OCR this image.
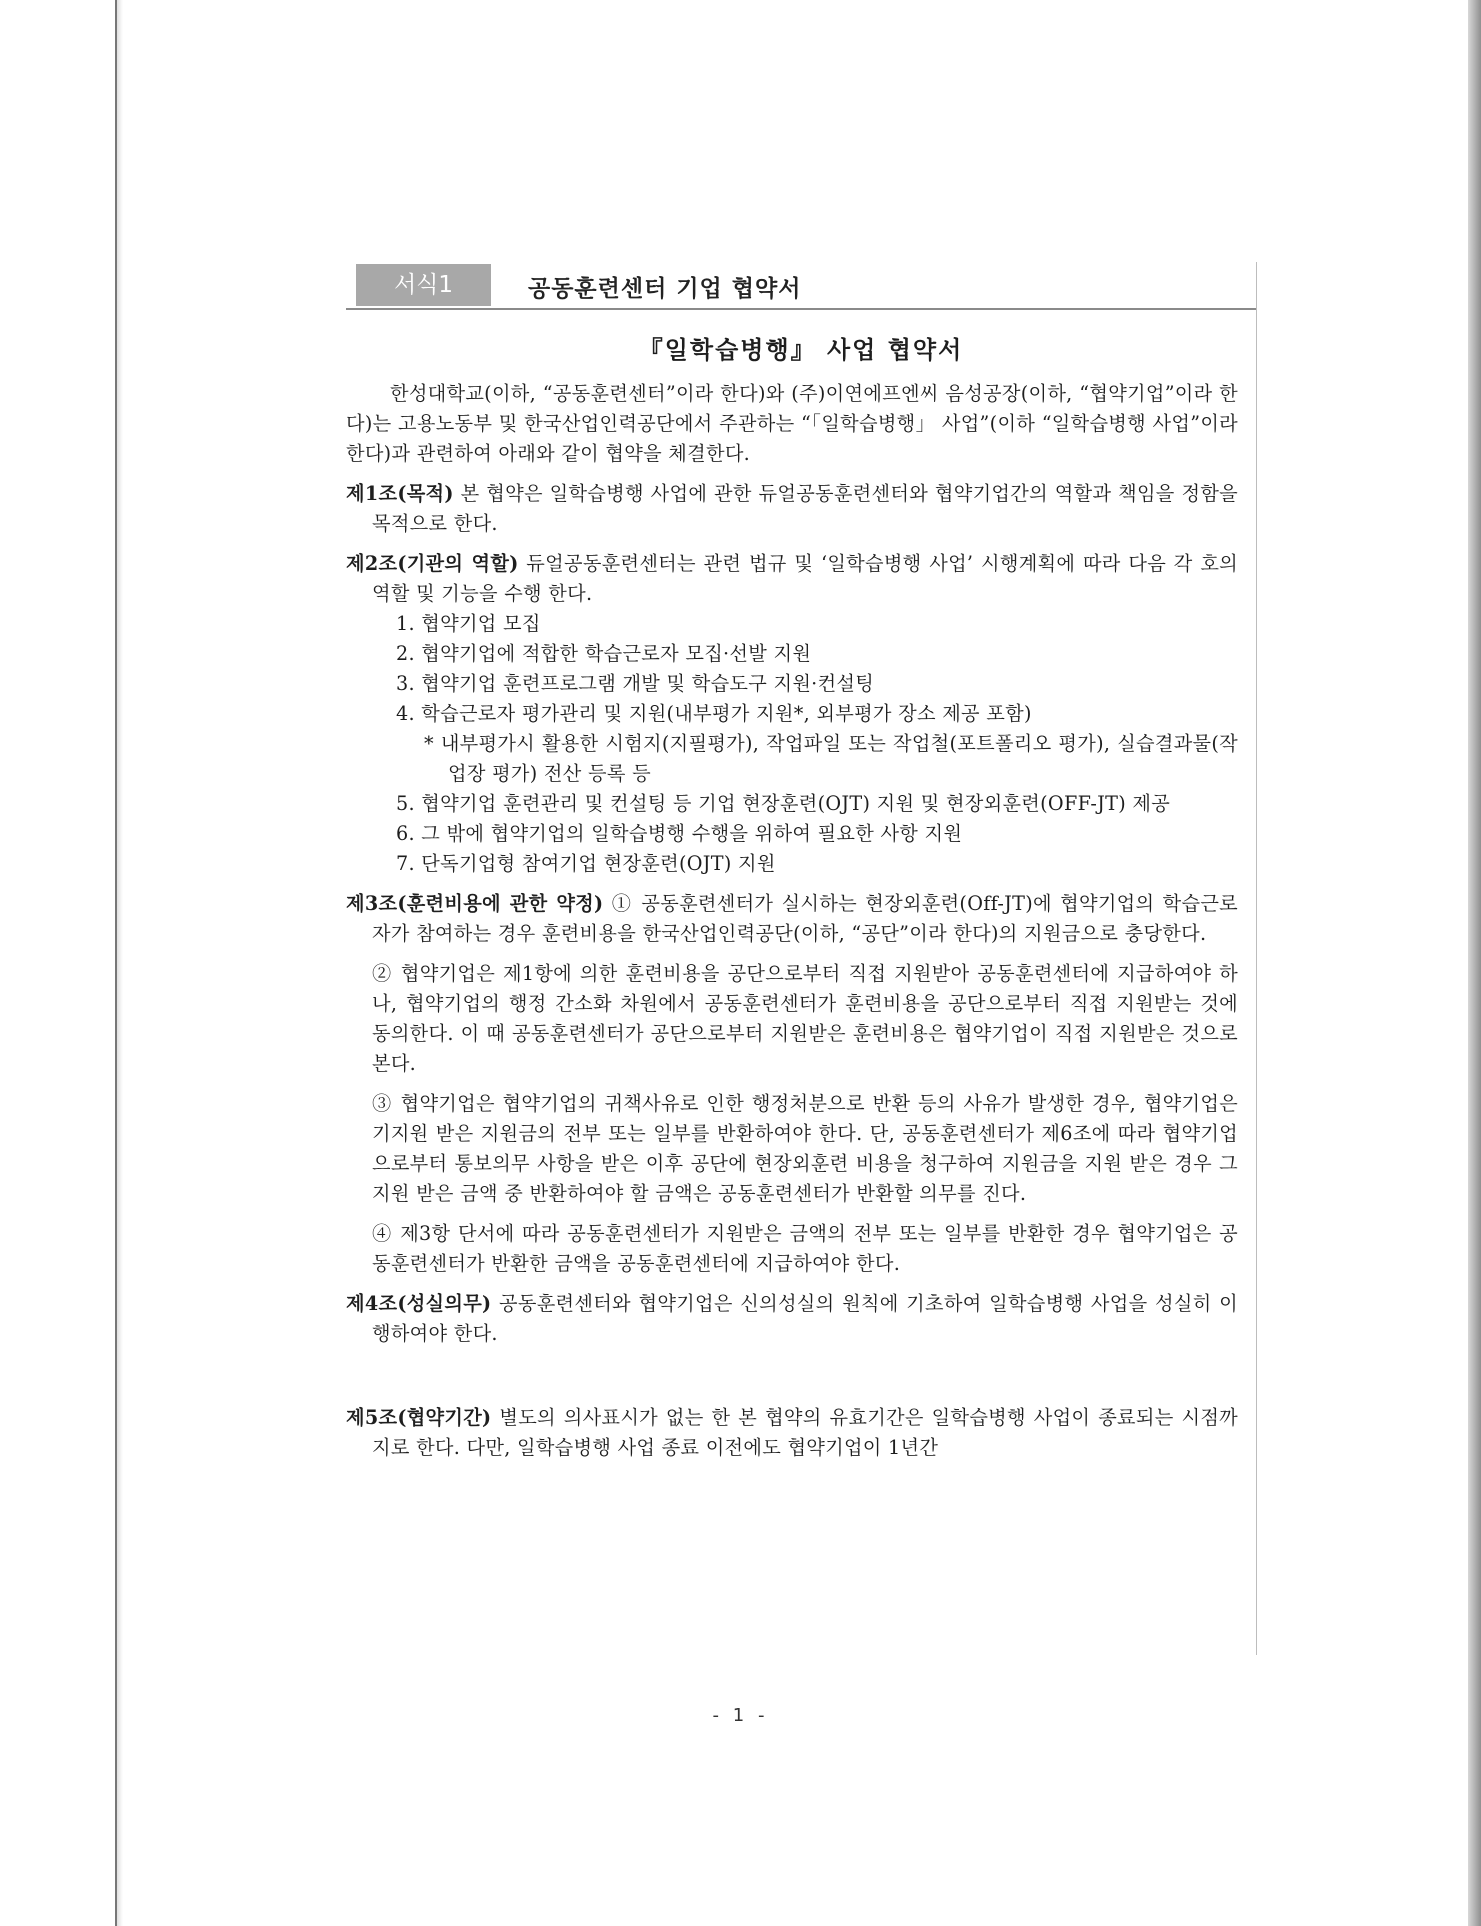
서식1	공동훈련센터 기업 협약서
『일학습병행』 사업 협약서
한성대학교(이하, “공동훈련센터”이라 한다)와 (주)이연에프엔씨 음성공장(이하, “협약기업”이라 한다)는 고용노동부 및 한국산업인력공단에서 주관하는 “「일학습병행」 사업”(이하 “일학습병행 사업”이라 한다)과 관련하여 아래와 같이 협약을 체결한다.
제1조(목적) 본 협약은 일학습병행 사업에 관한 듀얼공동훈련센터와 협약기업간의 역할과 책임을 정함을 목적으로 한다.
제2조(기관의 역할) 듀얼공동훈련센터는 관련 법규 및 ‘일학습병행 사업’ 시행계획에 따라 다음 각 호의 역할 및 기능을 수행 한다.
1. 협약기업 모집
2. 협약기업에 적합한 학습근로자 모집·선발 지원
3. 협약기업 훈련프로그램 개발 및 학습도구 지원·컨설팅
4. 학습근로자 평가관리 및 지원(내부평가 지원*, 외부평가 장소 제공 포함)
* 내부평가시 활용한 시험지(지필평가), 작업파일 또는 작업철(포트폴리오 평가), 실습결과물(작업장 평가) 전산 등록 등
5. 협약기업 훈련관리 및 컨설팅 등 기업 현장훈련(OJT) 지원 및 현장외훈련(OFF-JT) 제공
6. 그 밖에 협약기업의 일학습병행 수행을 위하여 필요한 사항 지원
7. 단독기업형 참여기업 현장훈련(OJT) 지원
제3조(훈련비용에 관한 약정) ① 공동훈련센터가 실시하는 현장외훈련(Off-JT)에 협약기업의 학습근로자가 참여하는 경우 훈련비용을 한국산업인력공단(이하, “공단”이라 한다)의 지원금으로 충당한다.
② 협약기업은 제1항에 의한 훈련비용을 공단으로부터 직접 지원받아 공동훈련센터에 지급하여야 하나, 협약기업의 행정 간소화 차원에서 공동훈련센터가 훈련비용을 공단으로부터 직접 지원받는 것에 동의한다. 이 때 공동훈련센터가 공단으로부터 지원받은 훈련비용은 협약기업이 직접 지원받은 것으로 본다.
③ 협약기업은 협약기업의 귀책사유로 인한 행정처분으로 반환 등의 사유가 발생한 경우, 협약기업은 기지원 받은 지원금의 전부 또는 일부를 반환하여야 한다. 단, 공동훈련센터가 제6조에 따라 협약기업으로부터 통보의무 사항을 받은 이후 공단에 현장외훈련 비용을 청구하여 지원금을 지원 받은 경우 그 지원 받은 금액 중 반환하여야 할 금액은 공동훈련센터가 반환할 의무를 진다.
④ 제3항 단서에 따라 공동훈련센터가 지원받은 금액의 전부 또는 일부를 반환한 경우 협약기업은 공동훈련센터가 반환한 금액을 공동훈련센터에 지급하여야 한다.
제4조(성실의무) 공동훈련센터와 협약기업은 신의성실의 원칙에 기초하여 일학습병행 사업을 성실히 이행하여야 한다.
제5조(협약기간) 별도의 의사표시가 없는 한 본 협약의 유효기간은 일학습병행 사업이 종료되는 시점까지로 한다. 다만, 일학습병행 사업 종료 이전에도 협약기업이 1년간
- 1 -
